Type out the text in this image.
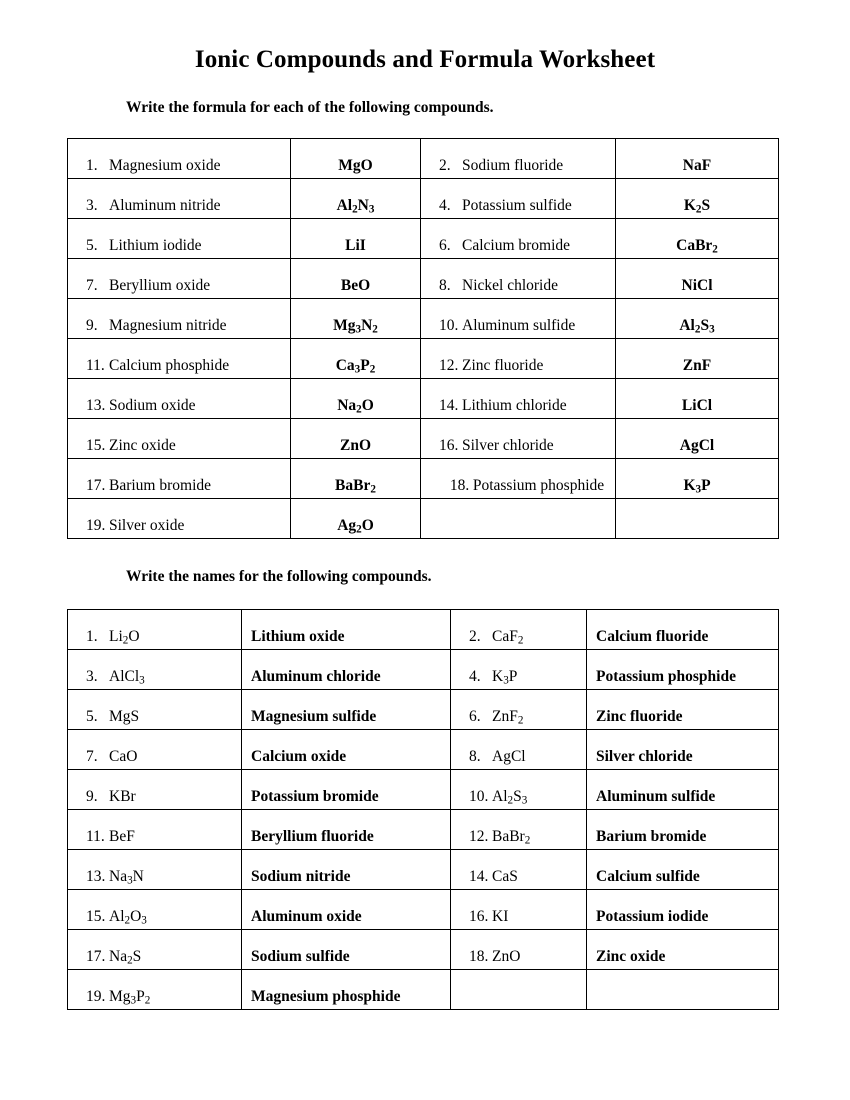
Ionic Compounds and Formula Worksheet
Write the formula for each of the following compounds.
1. Magnesium oxide	MgO	2. Sodium fluoride	NaF

3. Aluminum nitride	$Al_2N_3$	4. Potassium sulfide	$K_2S$

5. Lithium iodide	LiI	6. Calcium bromide	CaBr$_2$

7. Beryllium oxide	BeO	8. Nickel chloride	NiCl

9. Magnesium nitride	$Mg_3N_2$	10. Aluminum sulfide	$Al_2S_3$

11. Calcium phosphide	$Ca_3P_2$	12. Zinc fluoride	ZnF

13. Sodium oxide	$Na_2O$	14. Lithium chloride	LiCl

15. Zinc oxide	ZnO	16. Silver chloride	AgCl

17. Barium bromide	BaBr$_2$	18. Potassium phosphide	$K_3P$

19. Silver oxide	$Ag_2O$		

Write the names for the following compounds.
1. $Li_2O$	Lithium oxide	2. CaF$_2$	Calcium fluoride

3. AlCl$_3$	Aluminum chloride	4. $K_3P$	Potassium phosphide

5. MgS	Magnesium sulfide	6. ZnF$_2$	Zinc fluoride

7. CaO	Calcium oxide	8. AgCl	Silver chloride

9. KBr	Potassium bromide	10. $Al_2S_3$	Aluminum sulfide

11. BeF	Beryllium fluoride	12. BaBr$_2$	Barium bromide

13. $Na_3N$	Sodium nitride	14. CaS	Calcium sulfide

15. $Al_2O_3$	Aluminum oxide	16. KI	Potassium iodide

17. $Na_2S$	Sodium sulfide	18. ZnO	Zinc oxide

19. $Mg_3P_2$	Magnesium phosphide		
